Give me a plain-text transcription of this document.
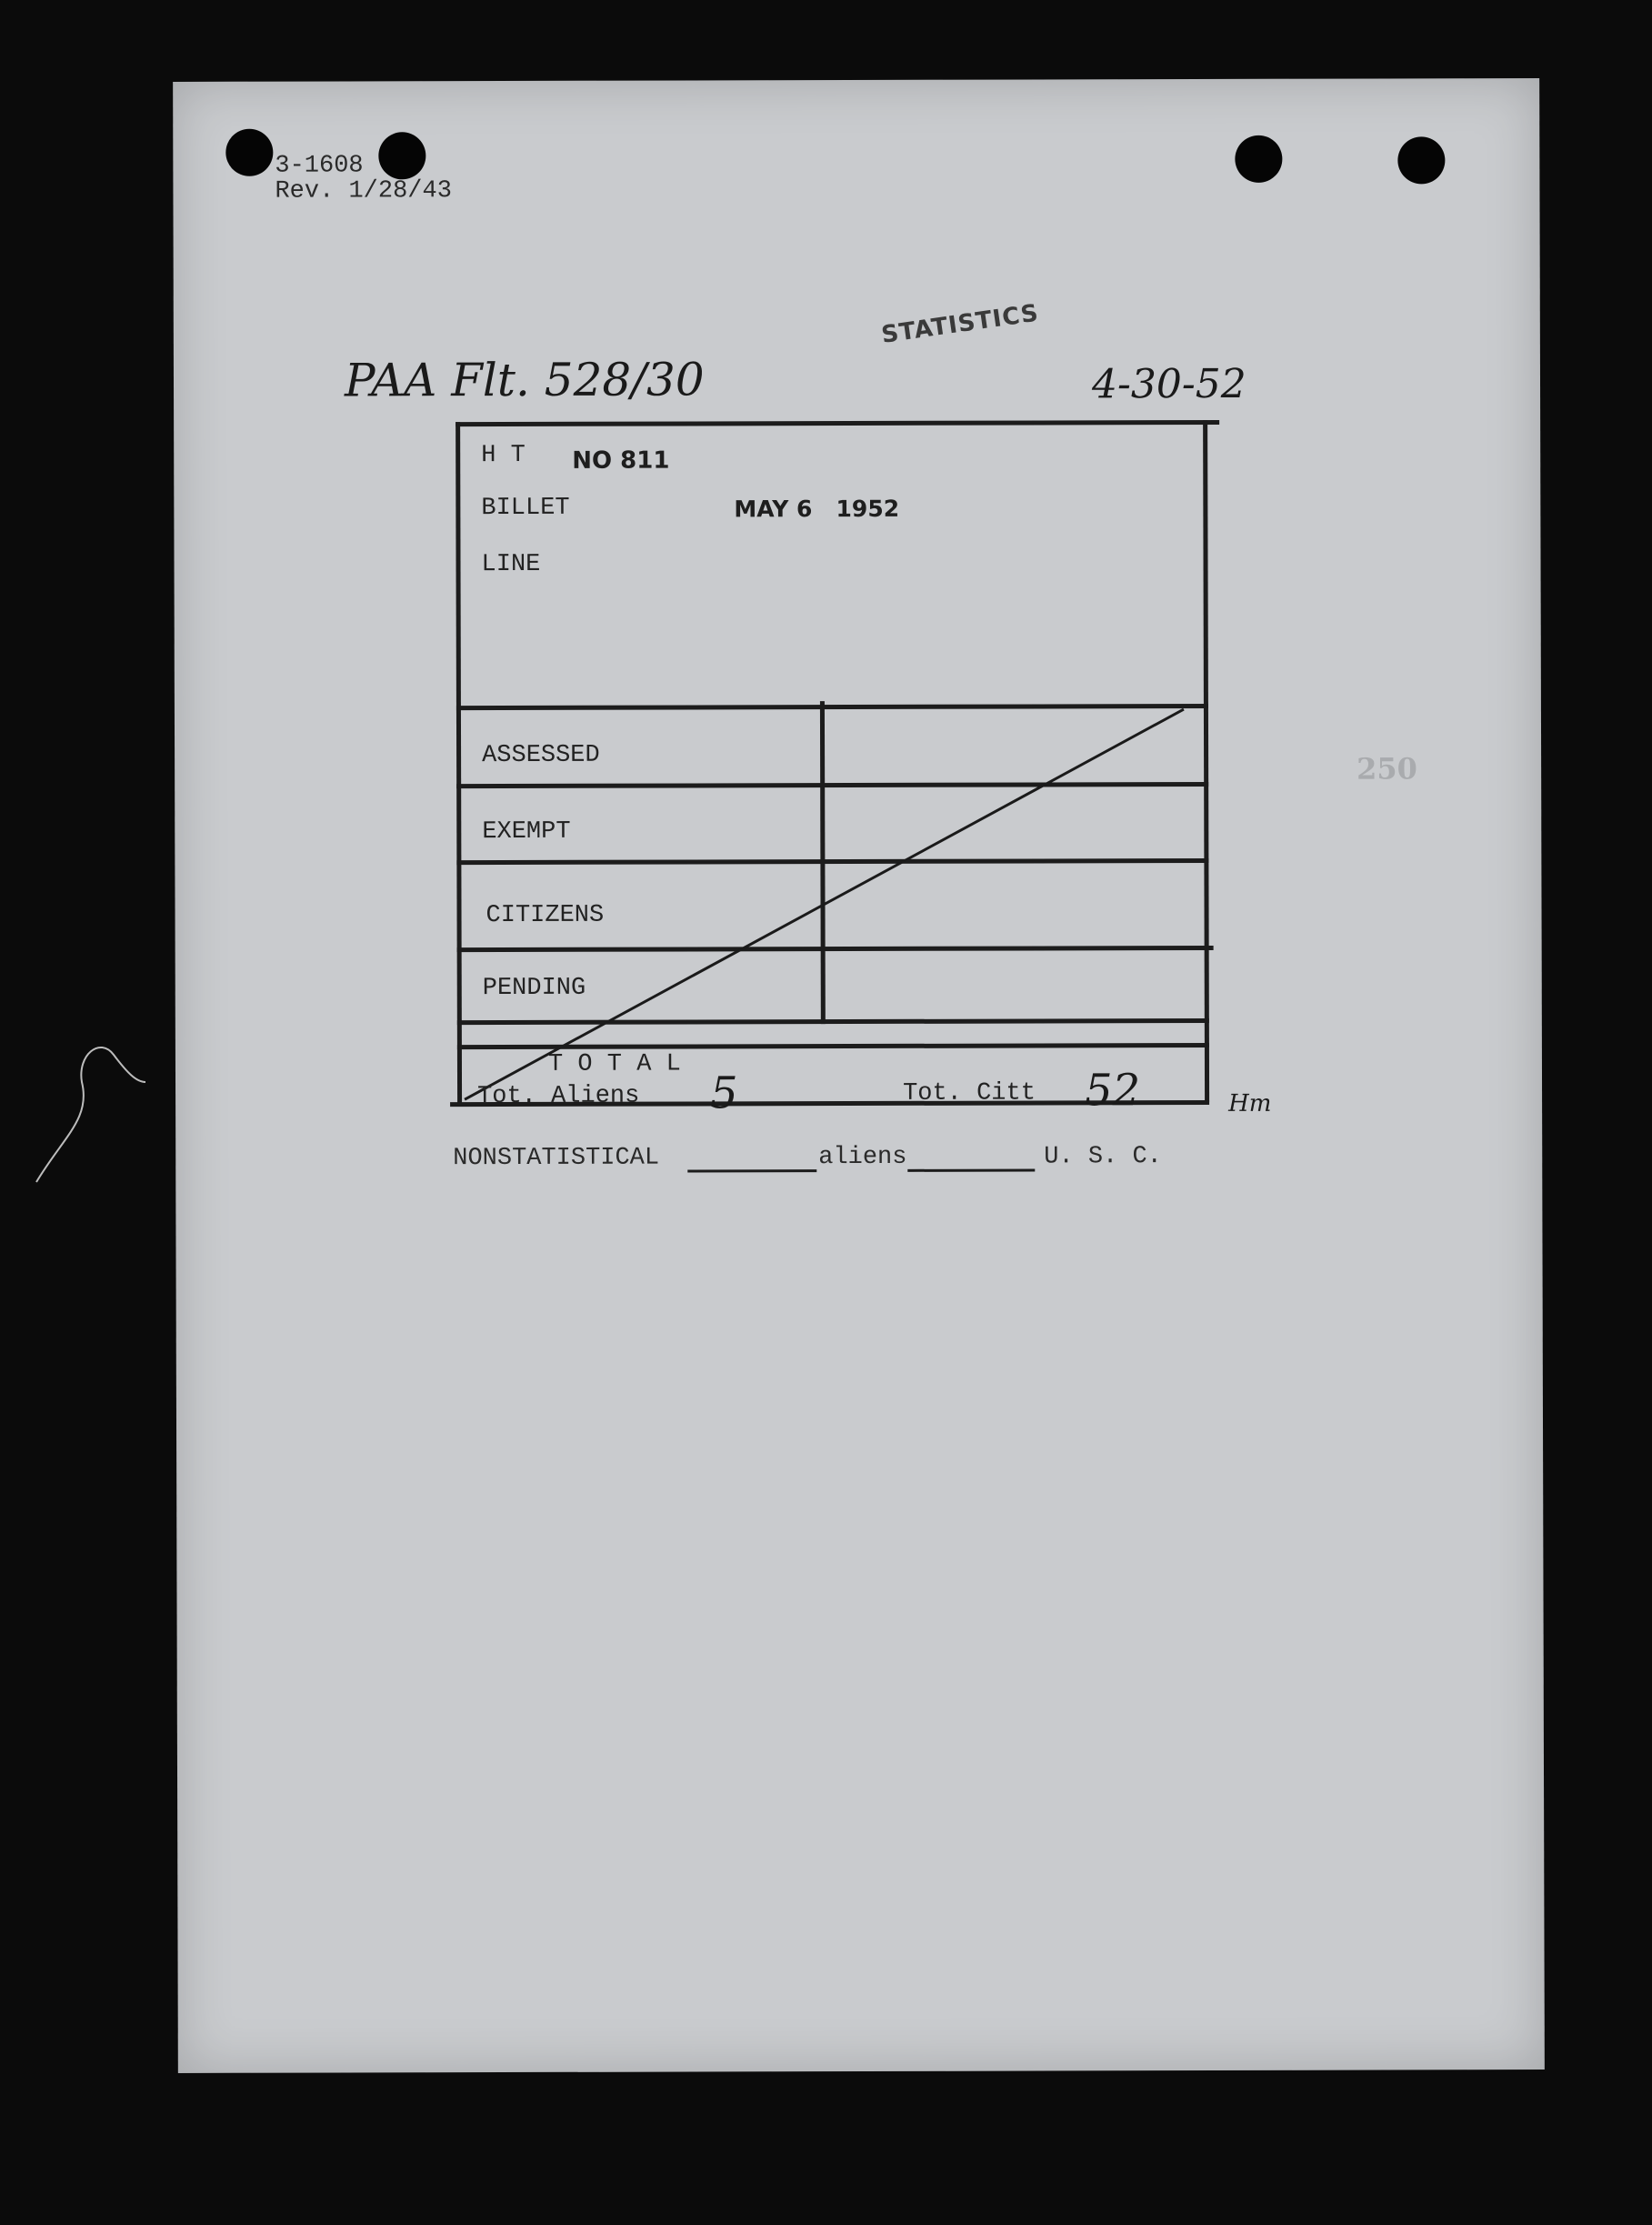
3-1608
Rev. 1/28/43
STATISTICS
PAA Flt. 528/30	4-30-52
250
H T NO 811
BILLET	MAY 6   1952
LINE
ASSESSED
EXEMPT
CITIZENS
PENDING
T O T A L
Tot. Aliens 5	Tot. Citt 52	Hm
NONSTATISTICAL	aliens	U. S. C.
